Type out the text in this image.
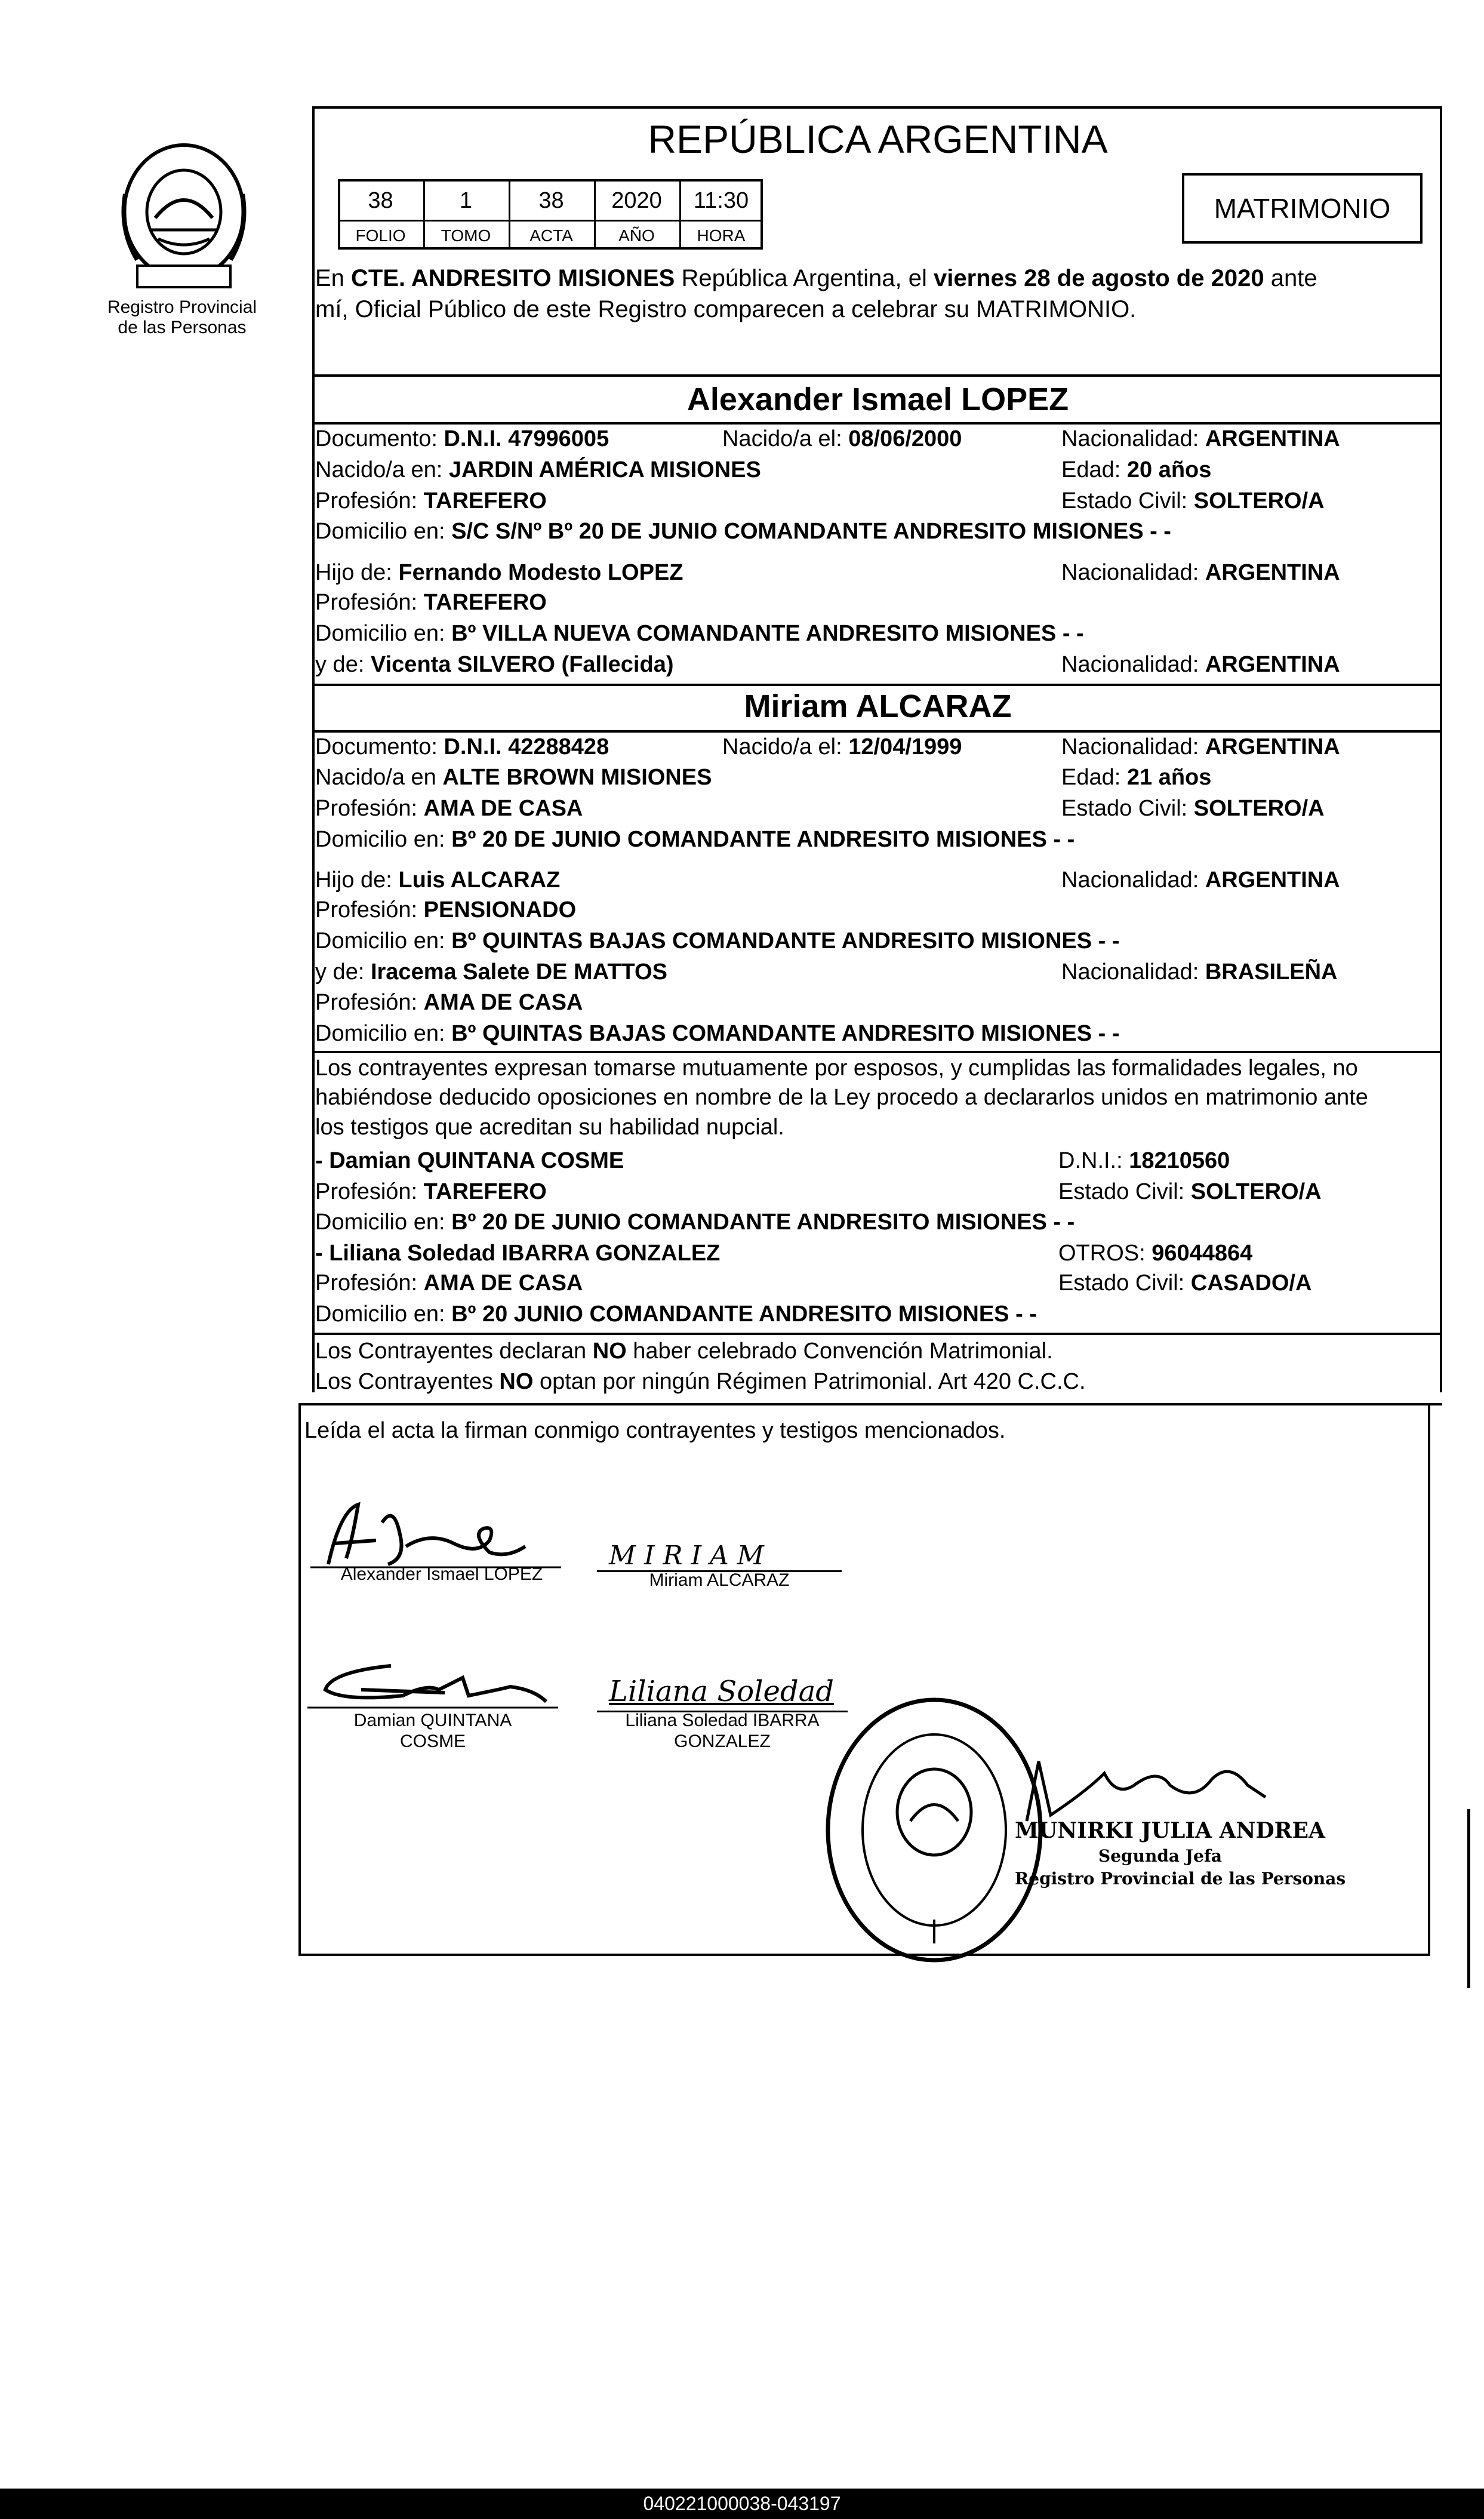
Registro Provincial
de las Personas
REPÚBLICA ARGENTINA
MATRIMONIO
38	1	38	2020	11:30
FOLIO	TOMO	ACTA	AÑO	HORA
En CTE. ANDRESITO MISIONES República Argentina, el viernes 28 de agosto de 2020 ante
mí, Oficial Público de este Registro comparecen a celebrar su MATRIMONIO.
Alexander Ismael LOPEZ
Documento: D.N.I. 47996005	Nacido/a el: 08/06/2000	Nacionalidad: ARGENTINA
Nacido/a en: JARDIN AMÉRICA MISIONES	Edad: 20 años
Profesión: TAREFERO	Estado Civil: SOLTERO/A
Domicilio en: S/C S/Nº Bº 20 DE JUNIO COMANDANTE ANDRESITO MISIONES - -
Hijo de: Fernando Modesto LOPEZ	Nacionalidad: ARGENTINA
Profesión: TAREFERO
Domicilio en: Bº VILLA NUEVA COMANDANTE ANDRESITO MISIONES - -
y de: Vicenta SILVERO (Fallecida)	Nacionalidad: ARGENTINA
Miriam ALCARAZ
Documento: D.N.I. 42288428	Nacido/a el: 12/04/1999	Nacionalidad: ARGENTINA
Nacido/a en ALTE BROWN MISIONES	Edad: 21 años
Profesión: AMA DE CASA	Estado Civil: SOLTERO/A
Domicilio en: Bº 20 DE JUNIO COMANDANTE ANDRESITO MISIONES - -
Hijo de: Luis ALCARAZ	Nacionalidad: ARGENTINA
Profesión: PENSIONADO
Domicilio en: Bº QUINTAS BAJAS COMANDANTE ANDRESITO MISIONES - -
y de: Iracema Salete DE MATTOS	Nacionalidad: BRASILEÑA
Profesión: AMA DE CASA
Domicilio en: Bº QUINTAS BAJAS COMANDANTE ANDRESITO MISIONES - -
Los contrayentes expresan tomarse mutuamente por esposos, y cumplidas las formalidades legales, no
habiéndose deducido oposiciones en nombre de la Ley procedo a declararlos unidos en matrimonio ante
los testigos que acreditan su habilidad nupcial.
- Damian QUINTANA COSME	D.N.I.: 18210560
Profesión: TAREFERO	Estado Civil: SOLTERO/A
Domicilio en: Bº 20 DE JUNIO COMANDANTE ANDRESITO MISIONES - -
- Liliana Soledad IBARRA GONZALEZ	OTROS: 96044864
Profesión: AMA DE CASA	Estado Civil: CASADO/A
Domicilio en: Bº 20 JUNIO COMANDANTE ANDRESITO MISIONES - -
Los Contrayentes declaran NO haber celebrado Convención Matrimonial.
Los Contrayentes NO optan por ningún Régimen Patrimonial. Art 420 C.C.C.
Leída el acta la firman conmigo contrayentes y testigos mencionados.
Alexander Ismael LOPEZ
MIRIAM
Miriam ALCARAZ
Damian QUINTANA
COSME
Liliana Soledad
Liliana Soledad IBARRA
GONZALEZ
MUNIRKI JULIA ANDREA
Segunda Jefa
Registro Provincial de las Personas
040221000038-043197
